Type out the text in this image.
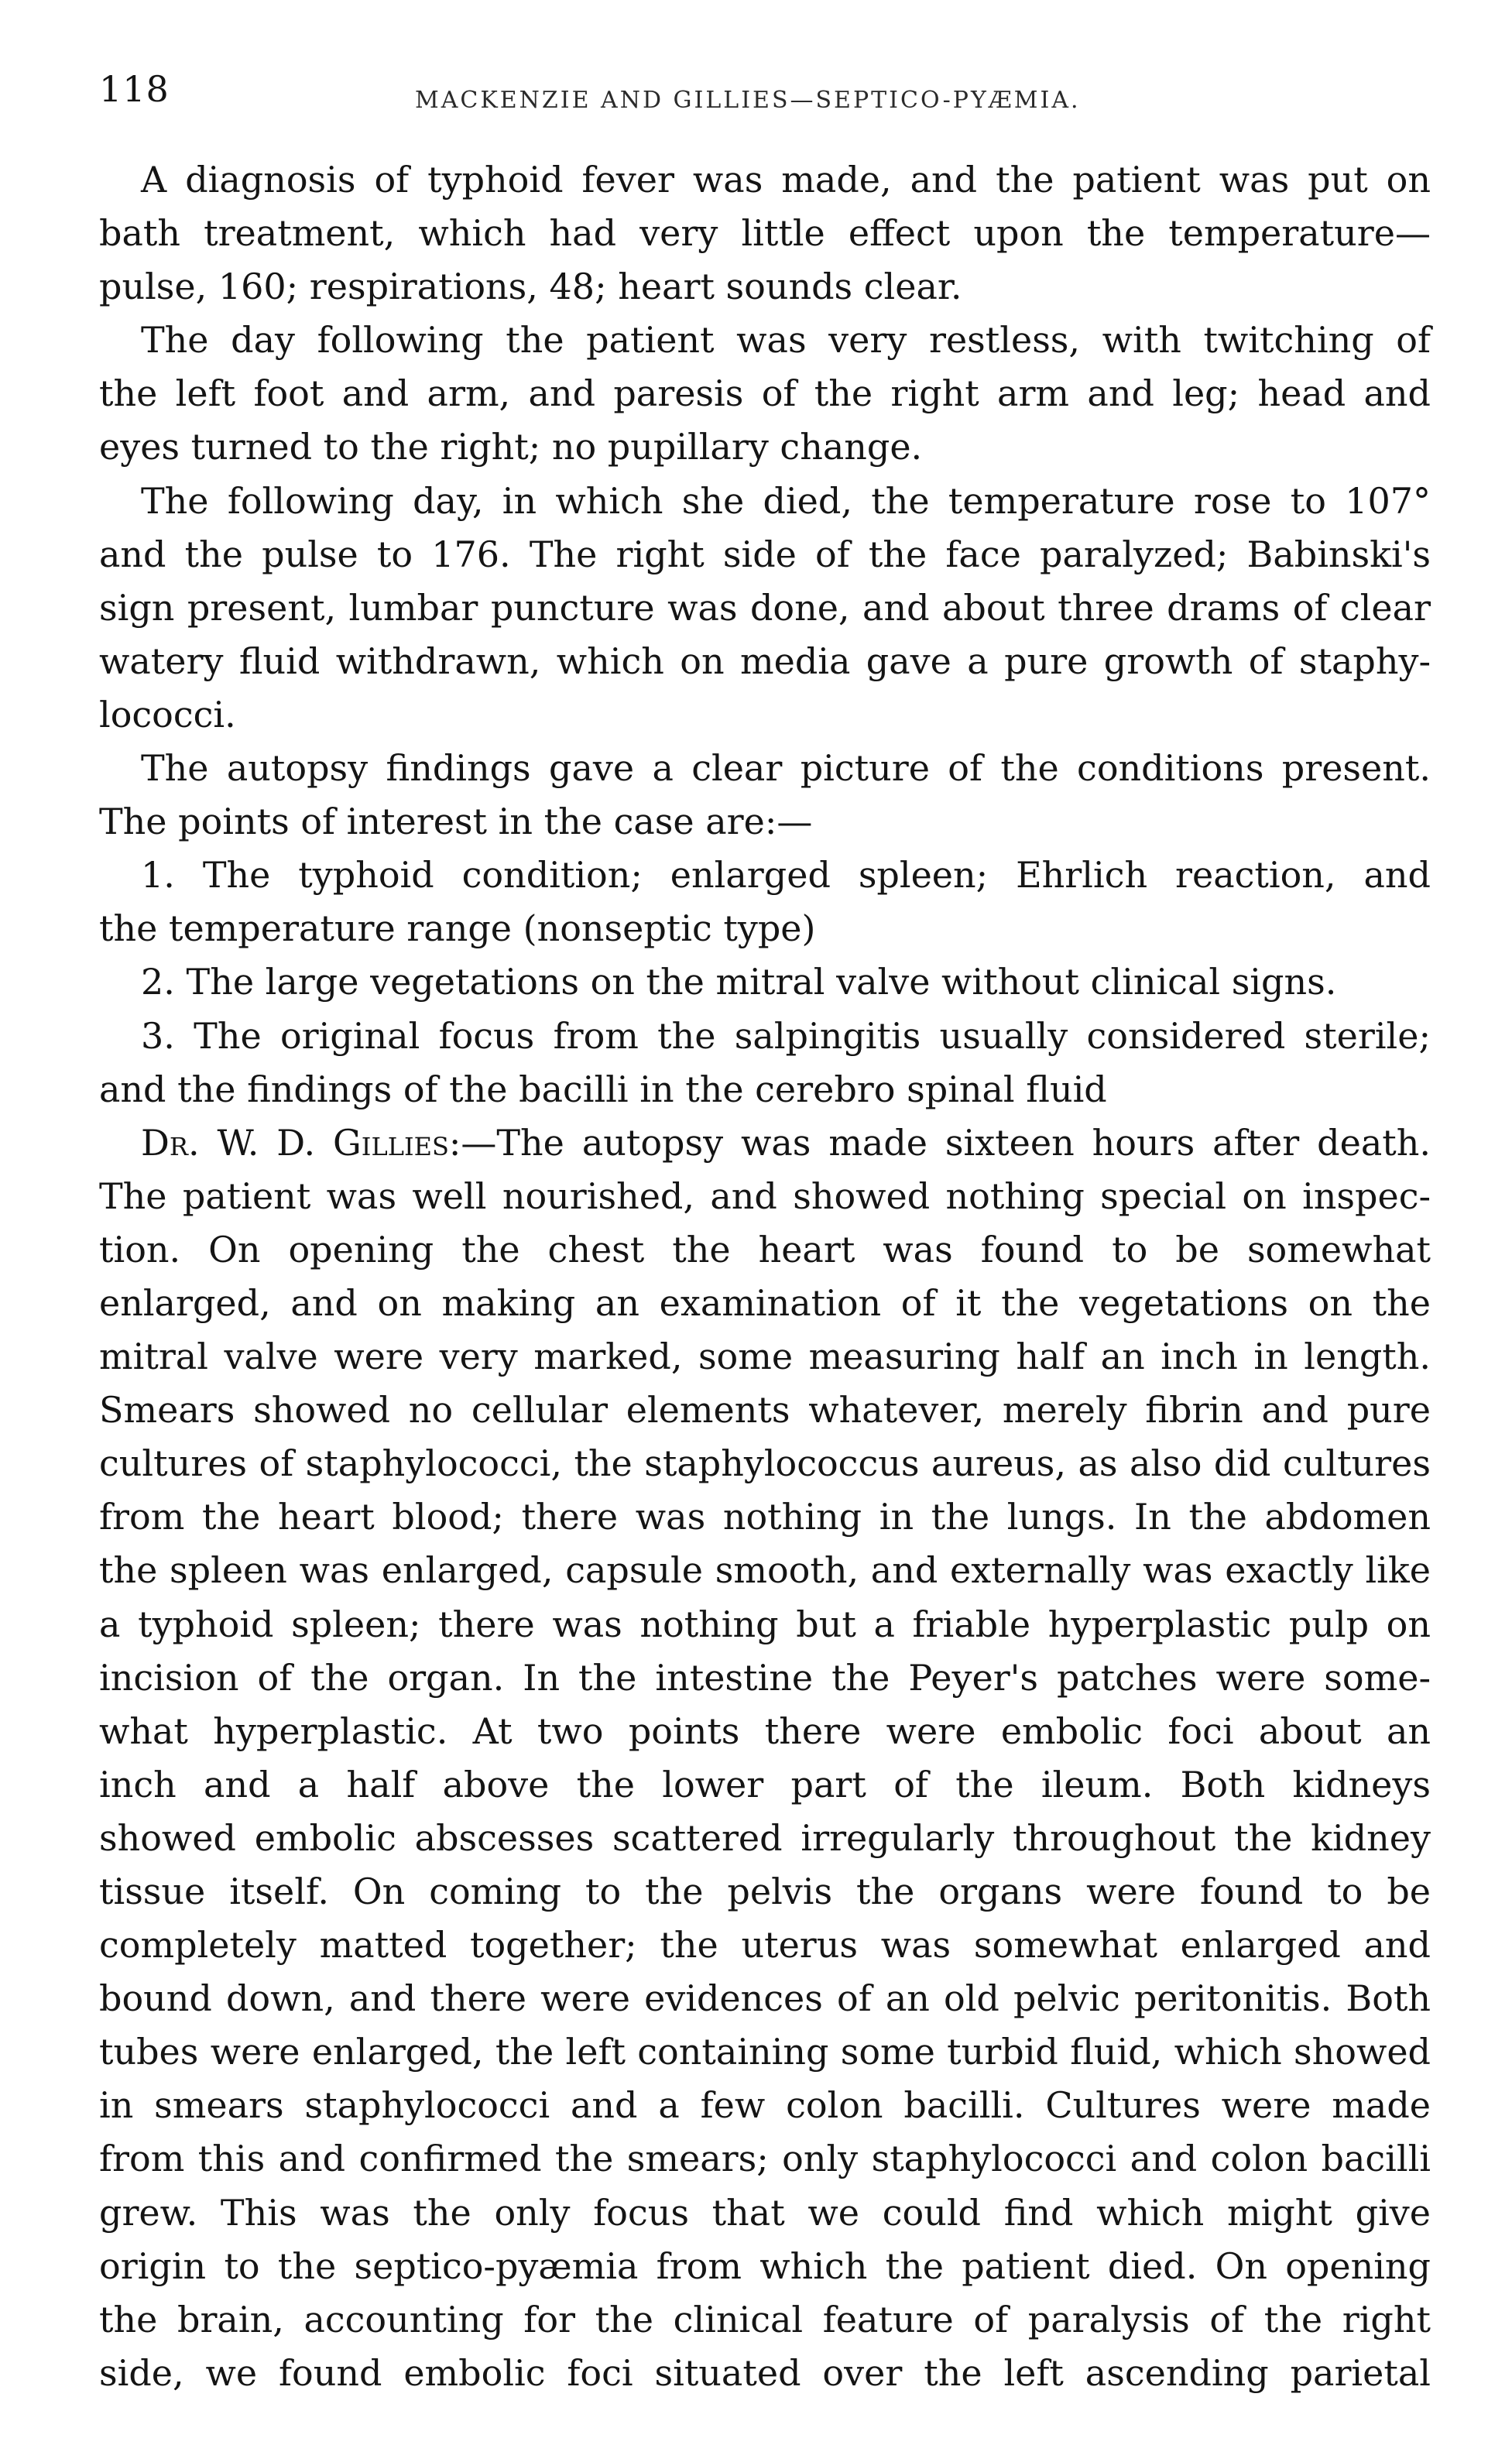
118	MACKENZIE AND GILLIES—SEPTICO-PYÆMIA.
A diagnosis of typhoid fever was made, and the patient was put on
bath treatment, which had very little effect upon the temperature—
pulse, 160; respirations, 48; heart sounds clear.
The day following the patient was very restless, with twitching of
the left foot and arm, and paresis of the right arm and leg; head and
eyes turned to the right; no pupillary change.
The following day, in which she died, the temperature rose to 107°
and the pulse to 176. The right side of the face paralyzed; Babinski's
sign present, lumbar puncture was done, and about three drams of clear
watery fluid withdrawn, which on media gave a pure growth of staphy-
lococci.
The autopsy findings gave a clear picture of the conditions present.
The points of interest in the case are:—
1. The typhoid condition; enlarged spleen; Ehrlich reaction, and
the temperature range (nonseptic type)
2. The large vegetations on the mitral valve without clinical signs.
3. The original focus from the salpingitis usually considered sterile;
and the findings of the bacilli in the cerebro spinal fluid
Dr. W. D. Gillies:—The autopsy was made sixteen hours after death.
The patient was well nourished, and showed nothing special on inspec-
tion. On opening the chest the heart was found to be somewhat
enlarged, and on making an examination of it the vegetations on the
mitral valve were very marked, some measuring half an inch in length.
Smears showed no cellular elements whatever, merely fibrin and pure
cultures of staphylococci, the staphylococcus aureus, as also did cultures
from the heart blood; there was nothing in the lungs. In the abdomen
the spleen was enlarged, capsule smooth, and externally was exactly like
a typhoid spleen; there was nothing but a friable hyperplastic pulp on
incision of the organ. In the intestine the Peyer's patches were some-
what hyperplastic. At two points there were embolic foci about an
inch and a half above the lower part of the ileum. Both kidneys
showed embolic abscesses scattered irregularly throughout the kidney
tissue itself. On coming to the pelvis the organs were found to be
completely matted together; the uterus was somewhat enlarged and
bound down, and there were evidences of an old pelvic peritonitis. Both
tubes were enlarged, the left containing some turbid fluid, which showed
in smears staphylococci and a few colon bacilli. Cultures were made
from this and confirmed the smears; only staphylococci and colon bacilli
grew. This was the only focus that we could find which might give
origin to the septico-pyæmia from which the patient died. On opening
the brain, accounting for the clinical feature of paralysis of the right
side, we found embolic foci situated over the left ascending parietal
